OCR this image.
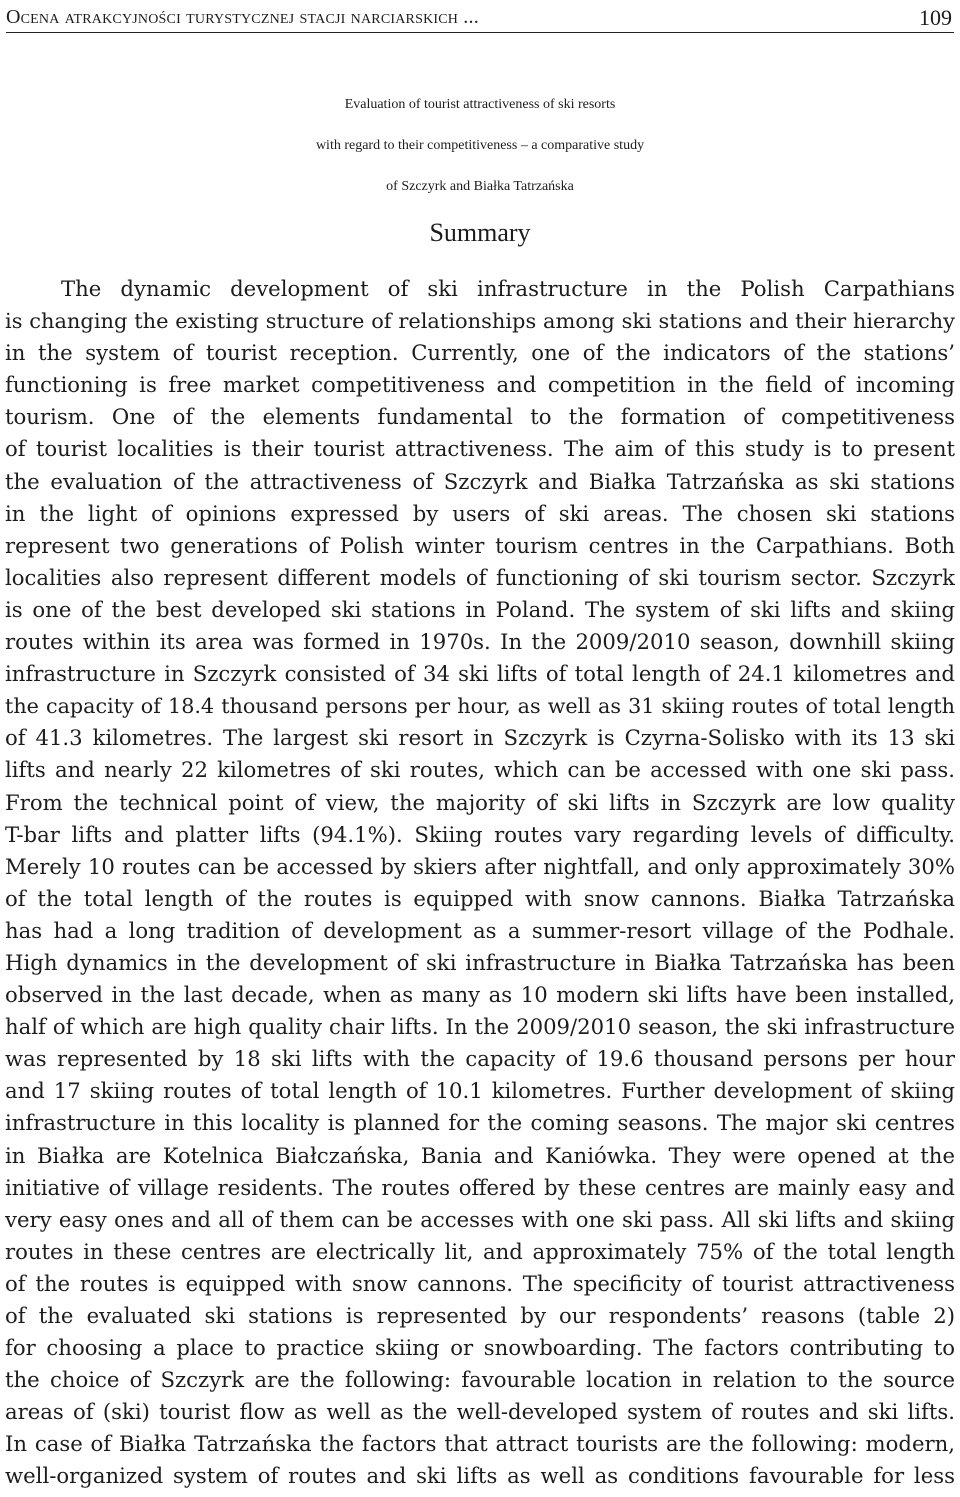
Ocena atrakcyjności turystycznej stacji narciarskich ...	109
Evaluation of tourist attractiveness of ski resorts
with regard to their competitiveness – a comparative study
of Szczyrk and Białka Tatrzańska
Summary
The dynamic development of ski infrastructure in the Polish Carpathians
is changing the existing structure of relationships among ski stations and their hierarchy
in the system of tourist reception. Currently, one of the indicators of the stations’
functioning is free market competitiveness and competition in the field of incoming
tourism. One of the elements fundamental to the formation of competitiveness
of tourist localities is their tourist attractiveness. The aim of this study is to present
the evaluation of the attractiveness of Szczyrk and Białka Tatrzańska as ski stations
in the light of opinions expressed by users of ski areas. The chosen ski stations
represent two generations of Polish winter tourism centres in the Carpathians. Both
localities also represent different models of functioning of ski tourism sector. Szczyrk
is one of the best developed ski stations in Poland. The system of ski lifts and skiing
routes within its area was formed in 1970s. In the 2009/2010 season, downhill skiing
infrastructure in Szczyrk consisted of 34 ski lifts of total length of 24.1 kilometres and
the capacity of 18.4 thousand persons per hour, as well as 31 skiing routes of total length
of 41.3 kilometres. The largest ski resort in Szczyrk is Czyrna-Solisko with its 13 ski
lifts and nearly 22 kilometres of ski routes, which can be accessed with one ski pass.
From the technical point of view, the majority of ski lifts in Szczyrk are low quality
T-bar lifts and platter lifts (94.1%). Skiing routes vary regarding levels of difficulty.
Merely 10 routes can be accessed by skiers after nightfall, and only approximately 30%
of the total length of the routes is equipped with snow cannons. Białka Tatrzańska
has had a long tradition of development as a summer-resort village of the Podhale.
High dynamics in the development of ski infrastructure in Białka Tatrzańska has been
observed in the last decade, when as many as 10 modern ski lifts have been installed,
half of which are high quality chair lifts. In the 2009/2010 season, the ski infrastructure
was represented by 18 ski lifts with the capacity of 19.6 thousand persons per hour
and 17 skiing routes of total length of 10.1 kilometres. Further development of skiing
infrastructure in this locality is planned for the coming seasons. The major ski centres
in Białka are Kotelnica Białczańska, Bania and Kaniówka. They were opened at the
initiative of village residents. The routes offered by these centres are mainly easy and
very easy ones and all of them can be accesses with one ski pass. All ski lifts and skiing
routes in these centres are electrically lit, and approximately 75% of the total length
of the routes is equipped with snow cannons. The specificity of tourist attractiveness
of the evaluated ski stations is represented by our respondents’ reasons (table 2)
for choosing a place to practice skiing or snowboarding. The factors contributing to
the choice of Szczyrk are the following: favourable location in relation to the source
areas of (ski) tourist flow as well as the well-developed system of routes and ski lifts.
In case of Białka Tatrzańska the factors that attract tourists are the following: modern,
well-organized system of routes and ski lifts as well as conditions favourable for less
